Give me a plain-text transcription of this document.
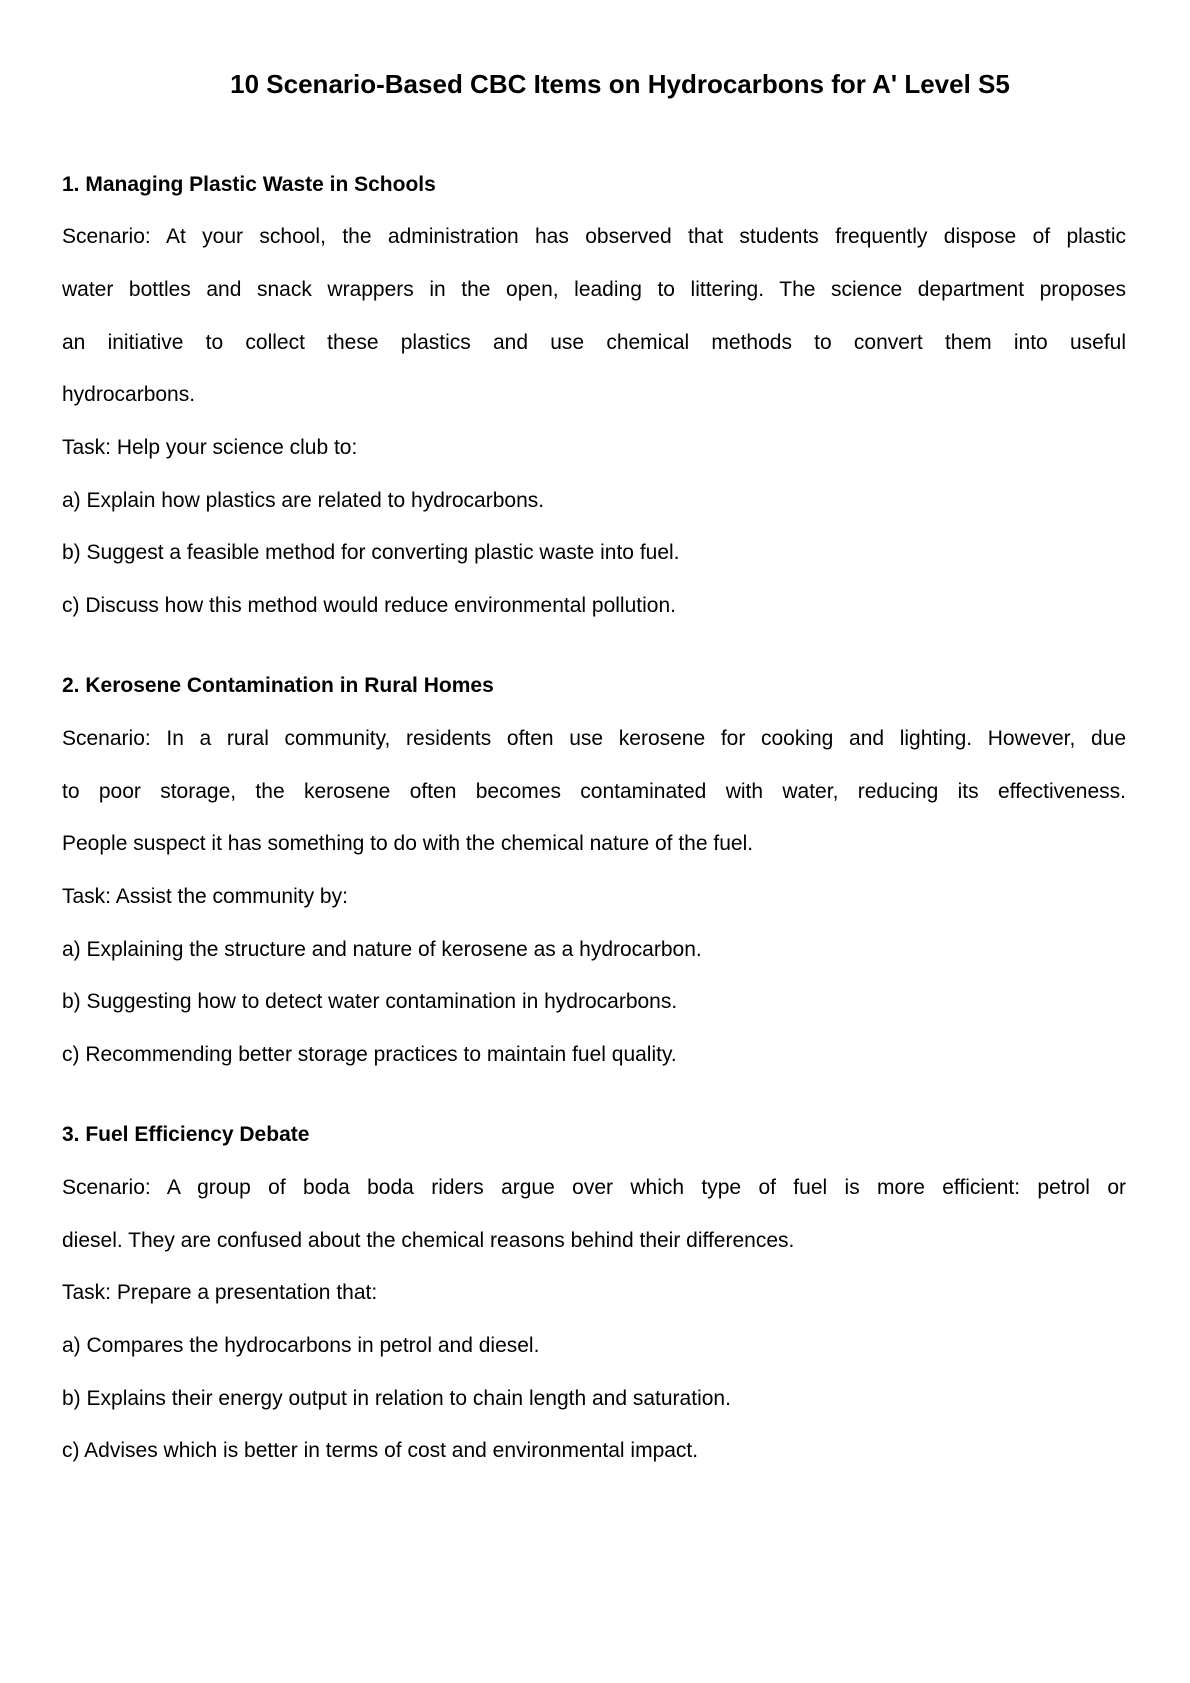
10 Scenario-Based CBC Items on Hydrocarbons for A' Level S5
1. Managing Plastic Waste in Schools
Scenario: At your school, the administration has observed that students frequently dispose of plastic
water bottles and snack wrappers in the open, leading to littering. The science department proposes
an initiative to collect these plastics and use chemical methods to convert them into useful
hydrocarbons.
Task: Help your science club to:
a) Explain how plastics are related to hydrocarbons.
b) Suggest a feasible method for converting plastic waste into fuel.
c) Discuss how this method would reduce environmental pollution.
2. Kerosene Contamination in Rural Homes
Scenario: In a rural community, residents often use kerosene for cooking and lighting. However, due
to poor storage, the kerosene often becomes contaminated with water, reducing its effectiveness.
People suspect it has something to do with the chemical nature of the fuel.
Task: Assist the community by:
a) Explaining the structure and nature of kerosene as a hydrocarbon.
b) Suggesting how to detect water contamination in hydrocarbons.
c) Recommending better storage practices to maintain fuel quality.
3. Fuel Efficiency Debate
Scenario: A group of boda boda riders argue over which type of fuel is more efficient: petrol or
diesel. They are confused about the chemical reasons behind their differences.
Task: Prepare a presentation that:
a) Compares the hydrocarbons in petrol and diesel.
b) Explains their energy output in relation to chain length and saturation.
c) Advises which is better in terms of cost and environmental impact.
